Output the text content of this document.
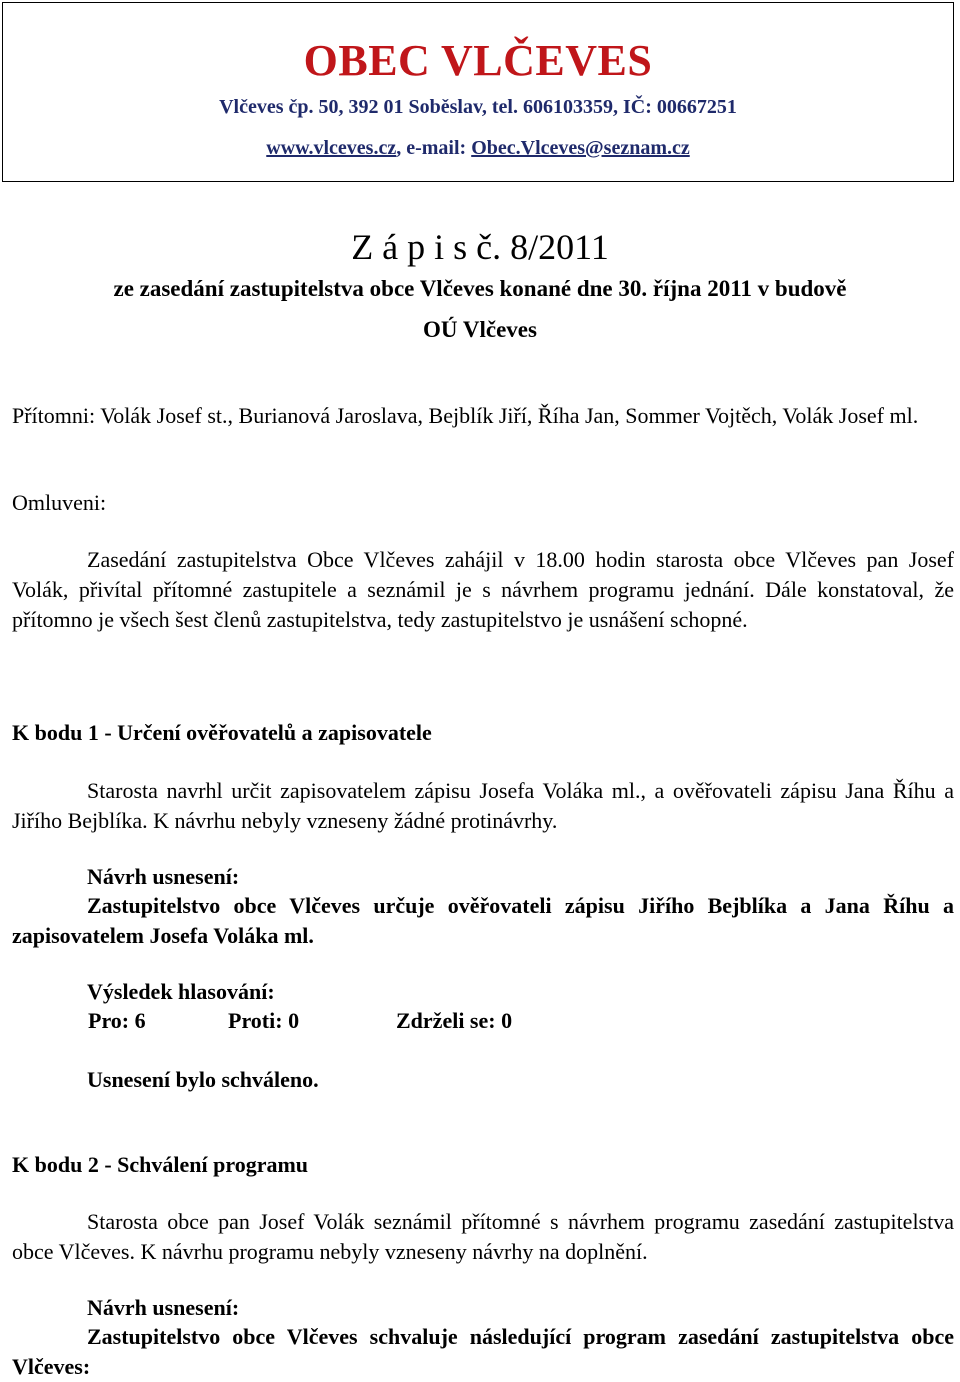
OBEC VLČEVES
Vlčeves čp. 50, 392 01 Soběslav, tel. 606103359, IČ: 00667251
www.vlceves.cz, e-mail: Obec.Vlceves@seznam.cz
Z á p i s č. 8/2011
ze zasedání zastupitelstva obce Vlčeves konané dne 30. října 2011 v budově
OÚ Vlčeves
Přítomni: Volák Josef st., Burianová Jaroslava, Bejblík Jiří, Říha Jan, Sommer Vojtěch, Volák Josef ml.
Omluveni:
Zasedání zastupitelstva Obce Vlčeves zahájil v 18.00 hodin starosta obce Vlčeves pan Josef Volák, přivítal přítomné zastupitele a seznámil je s návrhem programu jednání. Dále konstatoval, že přítomno je všech šest členů zastupitelstva, tedy zastupitelstvo je usnášení schopné.
K bodu 1 - Určení ověřovatelů a zapisovatele
Starosta navrhl určit zapisovatelem zápisu Josefa Voláka ml., a ověřovateli zápisu Jana Říhu a Jiřího Bejblíka. K návrhu nebyly vzneseny žádné protinávrhy.
Návrh usnesení:
Zastupitelstvo obce Vlčeves určuje ověřovateli zápisu Jiřího Bejblíka a Jana Říhu a zapisovatelem Josefa Voláka ml.
Výsledek hlasování:
Pro: 6	Proti: 0	Zdrželi se: 0
Usnesení bylo schváleno.
K bodu 2 - Schválení programu
Starosta obce pan Josef Volák seznámil přítomné s návrhem programu zasedání zastupitelstva obce Vlčeves. K návrhu programu nebyly vzneseny návrhy na doplnění.
Návrh usnesení:
Zastupitelstvo obce Vlčeves schvaluje následující program zasedání zastupitelstva obce Vlčeves:
